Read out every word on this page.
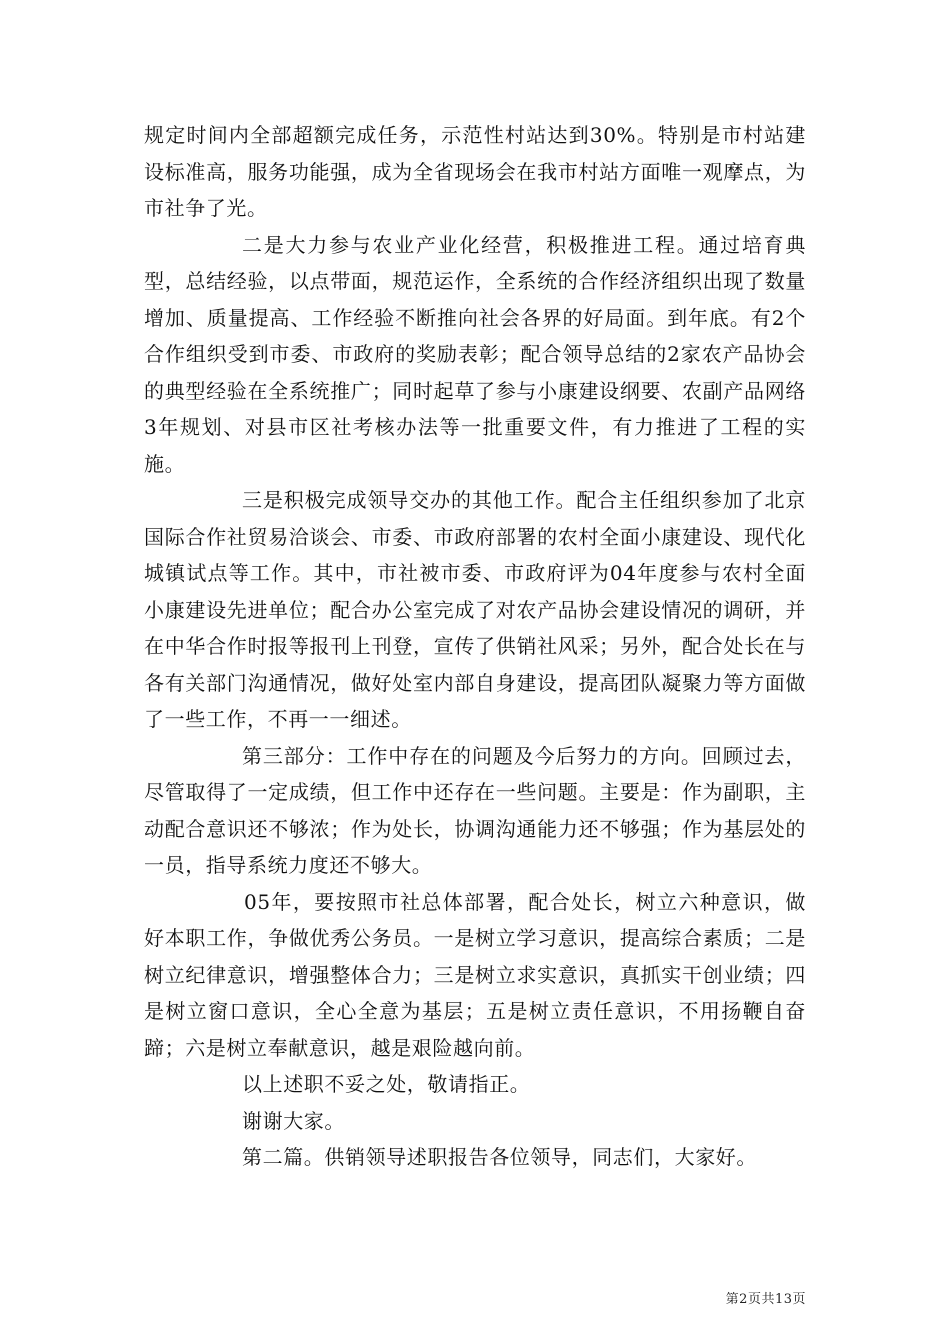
规定时间内全部超额完成任务，示范性村站达到30%。特别是市村站建设标准高，服务功能强，成为全省现场会在我市村站方面唯一观摩点，为市社争了光。

二是大力参与农业产业化经营，积极推进工程。通过培育典型，总结经验，以点带面，规范运作，全系统的合作经济组织出现了数量增加、质量提高、工作经验不断推向社会各界的好局面。到年底。有2个合作组织受到市委、市政府的奖励表彰；配合领导总结的2家农产品协会的典型经验在全系统推广；同时起草了参与小康建设纲要、农副产品网络3年规划、对县市区社考核办法等一批重要文件，有力推进了工程的实施。

三是积极完成领导交办的其他工作。配合主任组织参加了北京国际合作社贸易洽谈会、市委、市政府部署的农村全面小康建设、现代化城镇试点等工作。其中，市社被市委、市政府评为04年度参与农村全面小康建设先进单位；配合办公室完成了对农产品协会建设情况的调研，并在中华合作时报等报刊上刊登，宣传了供销社风采；另外，配合处长在与各有关部门沟通情况，做好处室内部自身建设，提高团队凝聚力等方面做了一些工作，不再一一细述。

第三部分：工作中存在的问题及今后努力的方向。回顾过去，尽管取得了一定成绩，但工作中还存在一些问题。主要是：作为副职，主动配合意识还不够浓；作为处长，协调沟通能力还不够强；作为基层处的一员，指导系统力度还不够大。

05年，要按照市社总体部署，配合处长，树立六种意识，做好本职工作，争做优秀公务员。一是树立学习意识，提高综合素质；二是树立纪律意识，增强整体合力；三是树立求实意识，真抓实干创业绩；四是树立窗口意识，全心全意为基层；五是树立责任意识，不用扬鞭自奋蹄；六是树立奉献意识，越是艰险越向前。

以上述职不妥之处，敬请指正。

谢谢大家。

第二篇。供销领导述职报告各位领导，同志们，大家好。

第2页共13页
